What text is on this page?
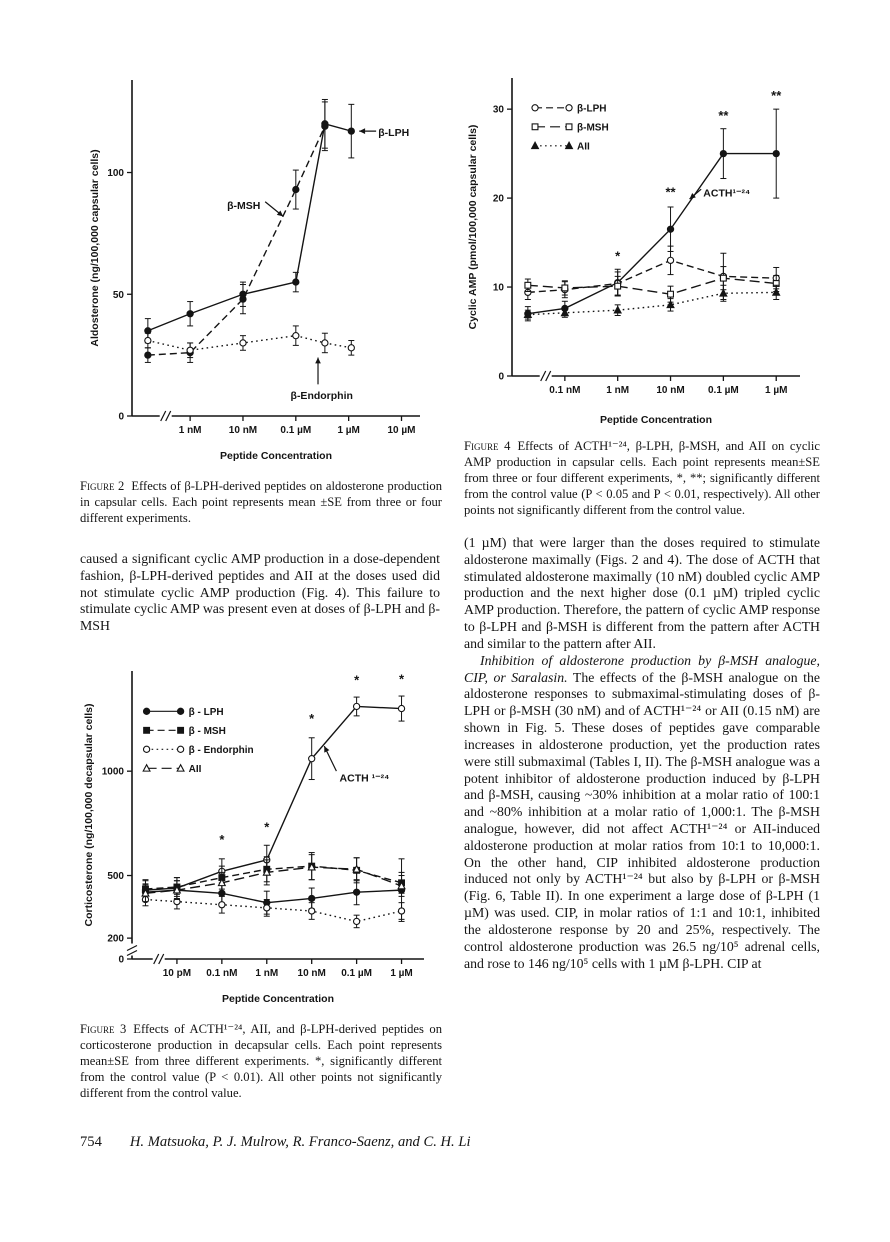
0
50
100
1 nM	10 nM 0.1 µM	1 µM	10 µM
Peptide Concentration
Aldosterone (ng/100,000 capsular cells)	β-MSH
β-LPH
β-Endorphin
Figure 2 Effects of β-LPH-derived peptides on aldosterone production in capsular cells. Each point represents mean ±SE from three or four different experiments.

caused a significant cyclic AMP production in a dose-dependent fashion, β-LPH-derived peptides and AII at the doses used did not stimulate cyclic AMP production (Fig. 4). This failure to stimulate cyclic AMP was present even at doses of β-LPH and β-MSH

0
200
500
1000
10 pM 0.1 nM 1 nM 10 nM 0.1 µM 1 µM
Peptide Concentration
Corticosterone (ng/100,000 decapsular cells)	*
*
*
*	*
ACTH ¹⁻²⁴
β - LPH
β - MSH
β - Endorphin
AII
Figure 3 Effects of ACTH¹⁻²⁴, AII, and β-LPH-derived peptides on corticosterone production in decapsular cells. Each point represents mean±SE from three different experiments. *, significantly different from the control value (P < 0.01). All other points not significantly different from the control value.
0
10
20
30
0.1 nM	1 nM	10 nM 0.1 µM	1 µM
Peptide Concentration
Cyclic AMP (pmol/100,000 capsular cells)	*
**
**
**
ACTH¹⁻²⁴
β-LPH
β-MSH
AII
Figure 4 Effects of ACTH¹⁻²⁴, β-LPH, β-MSH, and AII on cyclic AMP production in capsular cells. Each point represents mean±SE from three or four different experiments, *, **; significantly different from the control value (P < 0.05 and P < 0.01, respectively). All other points not significantly different from the control value.

(1 µM) that were larger than the doses required to stimulate aldosterone maximally (Figs. 2 and 4). The dose of ACTH that stimulated aldosterone maximally (10 nM) doubled cyclic AMP production and the next higher dose (0.1 µM) tripled cyclic AMP production. Therefore, the pattern of cyclic AMP response to β-LPH and β-MSH is different from the pattern after ACTH and similar to the pattern after AII.

Inhibition of aldosterone production by β-MSH analogue, CIP, or Saralasin. The effects of the β-MSH analogue on the aldosterone responses to submaximal-stimulating doses of β-LPH or β-MSH (30 nM) and of ACTH¹⁻²⁴ or AII (0.15 nM) are shown in Fig. 5. These doses of peptides gave comparable increases in aldosterone production, yet the production rates were still submaximal (Tables I, II). The β-MSH analogue was a potent inhibitor of aldosterone production induced by β-LPH and β-MSH, causing ~30% inhibition at a molar ratio of 100:1 and ~80% inhibition at a molar ratio of 1,000:1. The β-MSH analogue, however, did not affect ACTH¹⁻²⁴ or AII-induced aldosterone production at molar ratios from 10:1 to 10,000:1. On the other hand, CIP inhibited aldosterone production induced not only by ACTH¹⁻²⁴ but also by β-LPH or β-MSH (Fig. 6, Table II). In one experiment a large dose of β-LPH (1 µM) was used. CIP, in molar ratios of 1:1 and 10:1, inhibited the aldosterone response by 20 and 25%, respectively. The control aldosterone production was 26.5 ng/10⁵ adrenal cells, and rose to 146 ng/10⁵ cells with 1 µM β-LPH. CIP at

754 H. Matsuoka, P. J. Mulrow, R. Franco-Saenz, and C. H. Li
